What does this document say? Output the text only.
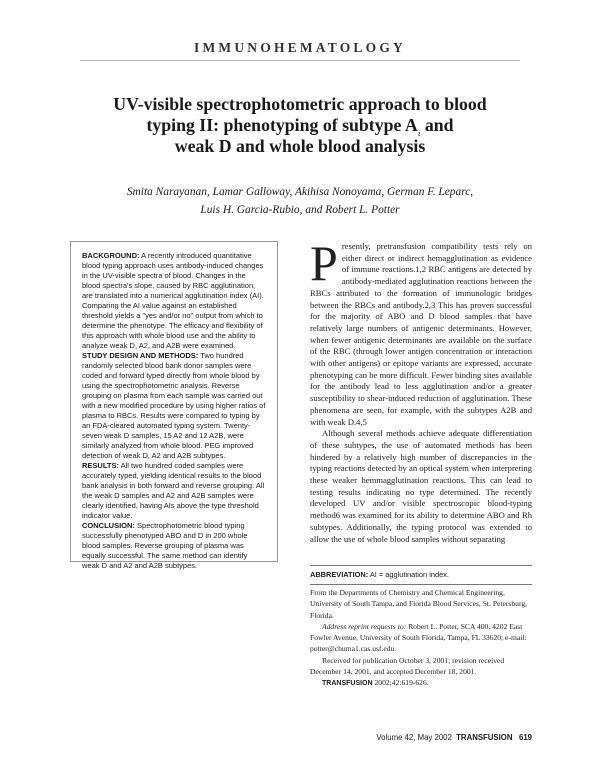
IMMUNOHEMATOLOGY
UV-visible spectrophotometric approach to blood
typing II: phenotyping of subtype $A_2$ and
weak D and whole blood analysis
Smita Narayanan, Lamar Galloway, Akihisa Nonoyama, German F. Leparc,
Luis H. Garcia-Rubio, and Robert L. Potter

BACKGROUND: A recently introduced quantitative blood typing approach uses antibody-induced changes in the UV-visible spectra of blood. Changes in the blood spectra's slope, caused by RBC agglutination, are translated into a numerical agglutination index (AI). Comparing the AI value against an established threshold yields a "yes and/or no" output from which to determine the phenotype. The efficacy and flexibility of this approach with whole blood use and the ability to analyze weak D, A2, and A2B were examined.

STUDY DESIGN AND METHODS: Two hundred randomly selected blood bank donor samples were coded and forward typed directly from whole blood by using the spectrophotometric analysis. Reverse grouping on plasma from each sample was carried out with a new modified procedure by using higher ratios of plasma to RBCs. Results were compared to typing by an FDA-cleared automated typing system. Twenty-seven weak D samples, 15 A2 and 12 A2B, were similarly analyzed from whole blood. PEG improved detection of weak D, A2 and A2B subtypes.

RESULTS: All two hundred coded samples were accurately typed, yielding identical results to the blood bank analysis in both forward and reverse grouping. All the weak D samples and A2 and A2B samples were clearly identified, having AIs above the type threshold indicator value.

CONCLUSION: Spectrophotometric blood typing successfully phenotyped ABO and D in 200 whole blood samples. Reverse grouping of plasma was equally successful. The same method can identify weak D and A2 and A2B subtypes.

Presently, pretransfusion compatibility tests rely on either direct or indirect hemagglutination as evidence of immune reactions.1,2 RBC antigens are detected by antibody-mediated agglutination reactions between the RBCs attributed to the formation of immunologic bridges between the RBCs and antibody.2,3 This has proven successful for the majority of ABO and D blood samples that have relatively large numbers of antigenic determinants. However, when fewer antigenic determinants are available on the surface of the RBC (through lower antigen concentration or interaction with other antigens) or epitope variants are expressed, accurate phenotyping can be more difficult. Fewer binding sites available for the antibody lead to less agglutination and/or a greater susceptibility to shear-induced reduction of agglutination. These phenomena are seen, for example, with the subtypes A2B and with weak D.4,5

Although several methods achieve adequate differentiation of these subtypes, the use of automated methods has been hindered by a relatively high number of discrepancies in the typing reactions detected by an optical system when interpreting these weaker hemmagglutination reactions. This can lead to testing results indicating no type determined. The recently developed UV and/or visible spectroscopic blood-typing method6 was examined for its ability to determine ABO and Rh subtypes. Additionally, the typing protocol was extended to allow the use of whole blood samples without separating

ABBREVIATION: AI = agglutination index.

From the Departments of Chemistry and Chemical Engineering, University of South Tampa, and Florida Blood Services, St. Petersburg, Florida.

Address reprint requests to: Robert L. Potter, SCA 400, 4202 East Fowler Avenue, University of South Florida, Tampa, FL 33620; e-mail: potter@chuma1.cas.usf.edu.

Received for publication October 3, 2001; revision received December 14, 2001, and accepted December 18, 2001.

TRANSFUSION 2002;42:619-626.

Volume 42, May 2002 TRANSFUSION 619
